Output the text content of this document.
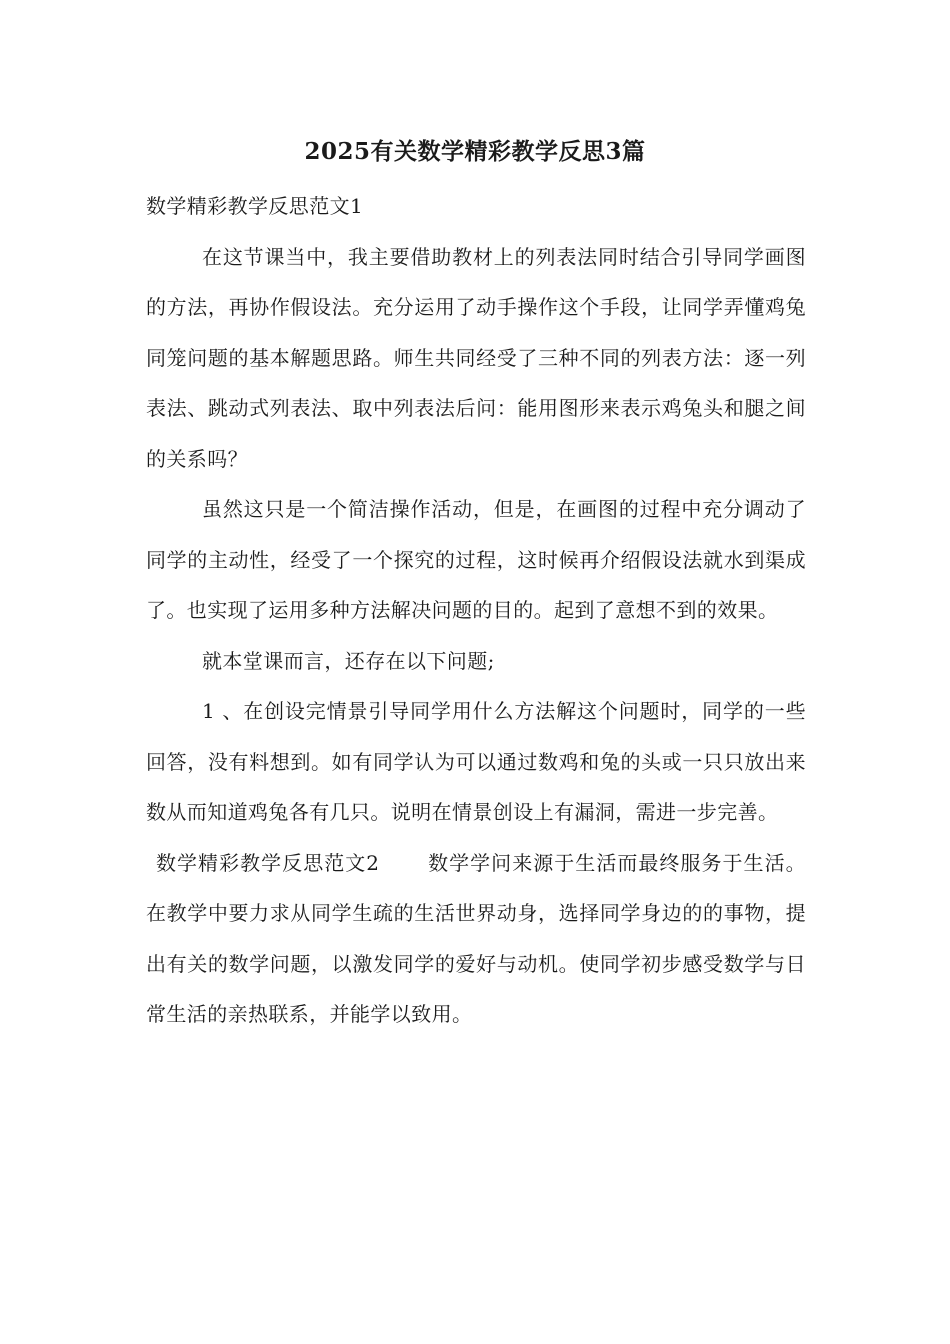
2025有关数学精彩教学反思3篇

数学精彩教学反思范文1

在这节课当中，我主要借助教材上的列表法同时结合引导同学画图的方法，再协作假设法。充分运用了动手操作这个手段，让同学弄懂鸡兔同笼问题的基本解题思路。师生共同经受了三种不同的列表方法：逐一列表法、跳动式列表法、取中列表法后问：能用图形来表示鸡兔头和腿之间的关系吗？

虽然这只是一个简洁操作活动，但是，在画图的过程中充分调动了同学的主动性，经受了一个探究的过程，这时候再介绍假设法就水到渠成了。也实现了运用多种方法解决问题的目的。起到了意想不到的效果。

就本堂课而言，还存在以下问题;

1 、在创设完情景引导同学用什么方法解这个问题时，同学的一些回答，没有料想到。如有同学认为可以通过数鸡和兔的头或一只只放出来数从而知道鸡兔各有几只。说明在情景创设上有漏洞，需进一步完善。

数学精彩教学反思范文2 数学学问来源于生活而最终服务于生活。在教学中要力求从同学生疏的生活世界动身，选择同学身边的的事物，提出有关的数学问题，以激发同学的爱好与动机。使同学初步感受数学与日常生活的亲热联系，并能学以致用。
